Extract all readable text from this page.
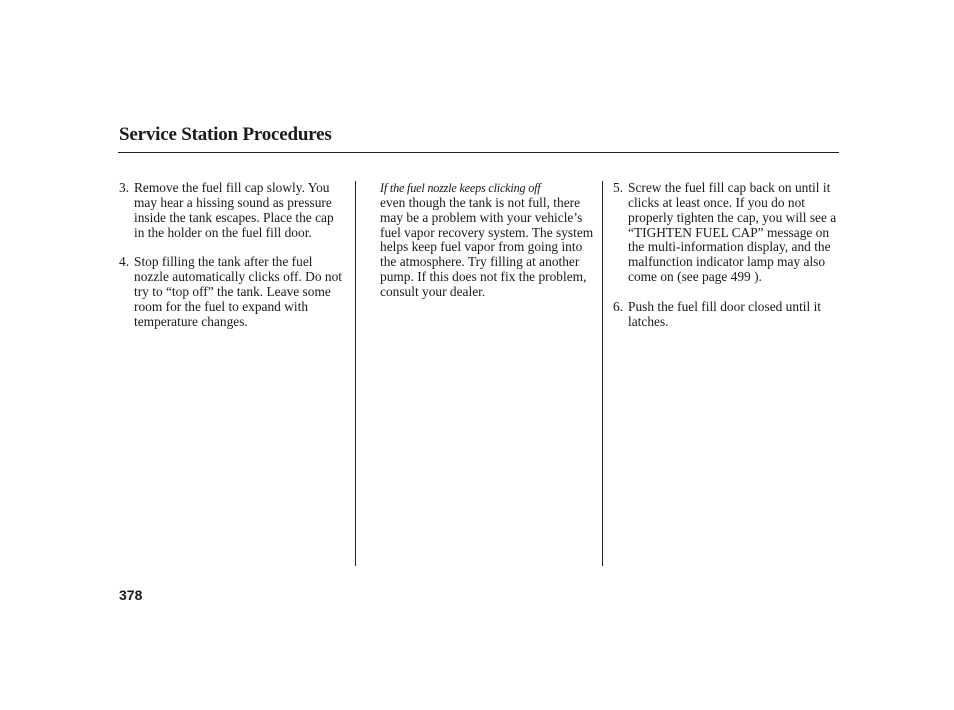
Service Station Procedures
3. Remove the fuel fill cap slowly. You may hear a hissing sound as pressure inside the tank escapes. Place the cap in the holder on the fuel fill door.
4. Stop filling the tank after the fuel nozzle automatically clicks off. Do not try to “top off” the tank. Leave some room for the fuel to expand with temperature changes.
If the fuel nozzle keeps clicking off

even though the tank is not full, there may be a problem with your vehicle’s fuel vapor recovery system. The system helps keep fuel vapor from going into the atmosphere. Try filling at another pump. If this does not fix the problem, consult your dealer.

5. Screw the fuel fill cap back on until it clicks at least once. If you do not properly tighten the cap, you will see a “TIGHTEN FUEL CAP” message on the multi-information display, and the malfunction indicator lamp may also come on (see page 499 ).
6. Push the fuel fill door closed until it latches.
378
